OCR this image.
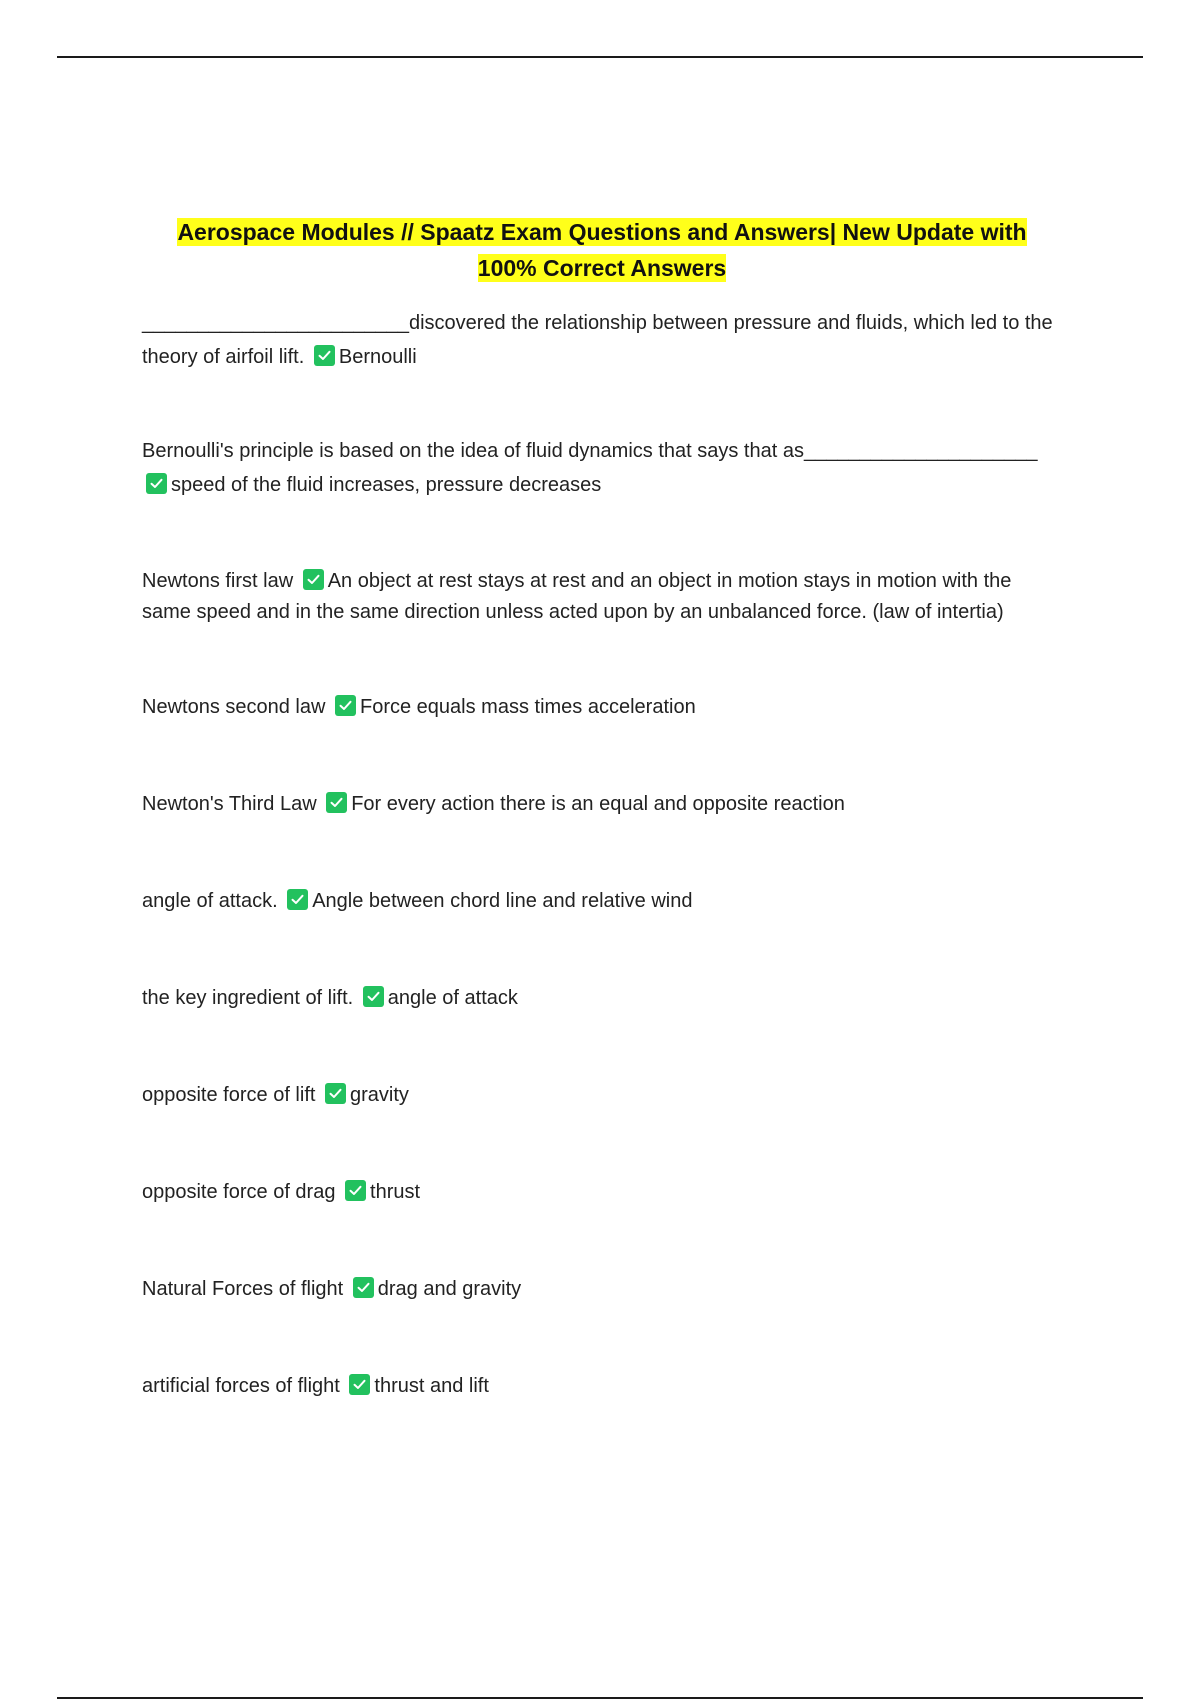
Aerospace Modules // Spaatz Exam Questions and Answers| New Update with
100% Correct Answers

________________________discovered the relationship between pressure and fluids, which led to the theory of airfoil lift. Bernoulli

Bernoulli's principle is based on the idea of fluid dynamics that says that as_____________________
speed of the fluid increases, pressure decreases

Newtons first law An object at rest stays at rest and an object in motion stays in motion with the same speed and in the same direction unless acted upon by an unbalanced force. (law of intertia)

Newtons second law Force equals mass times acceleration

Newton's Third Law For every action there is an equal and opposite reaction

angle of attack. Angle between chord line and relative wind

the key ingredient of lift. angle of attack

opposite force of lift gravity

opposite force of drag thrust

Natural Forces of flight drag and gravity

artificial forces of flight thrust and lift
